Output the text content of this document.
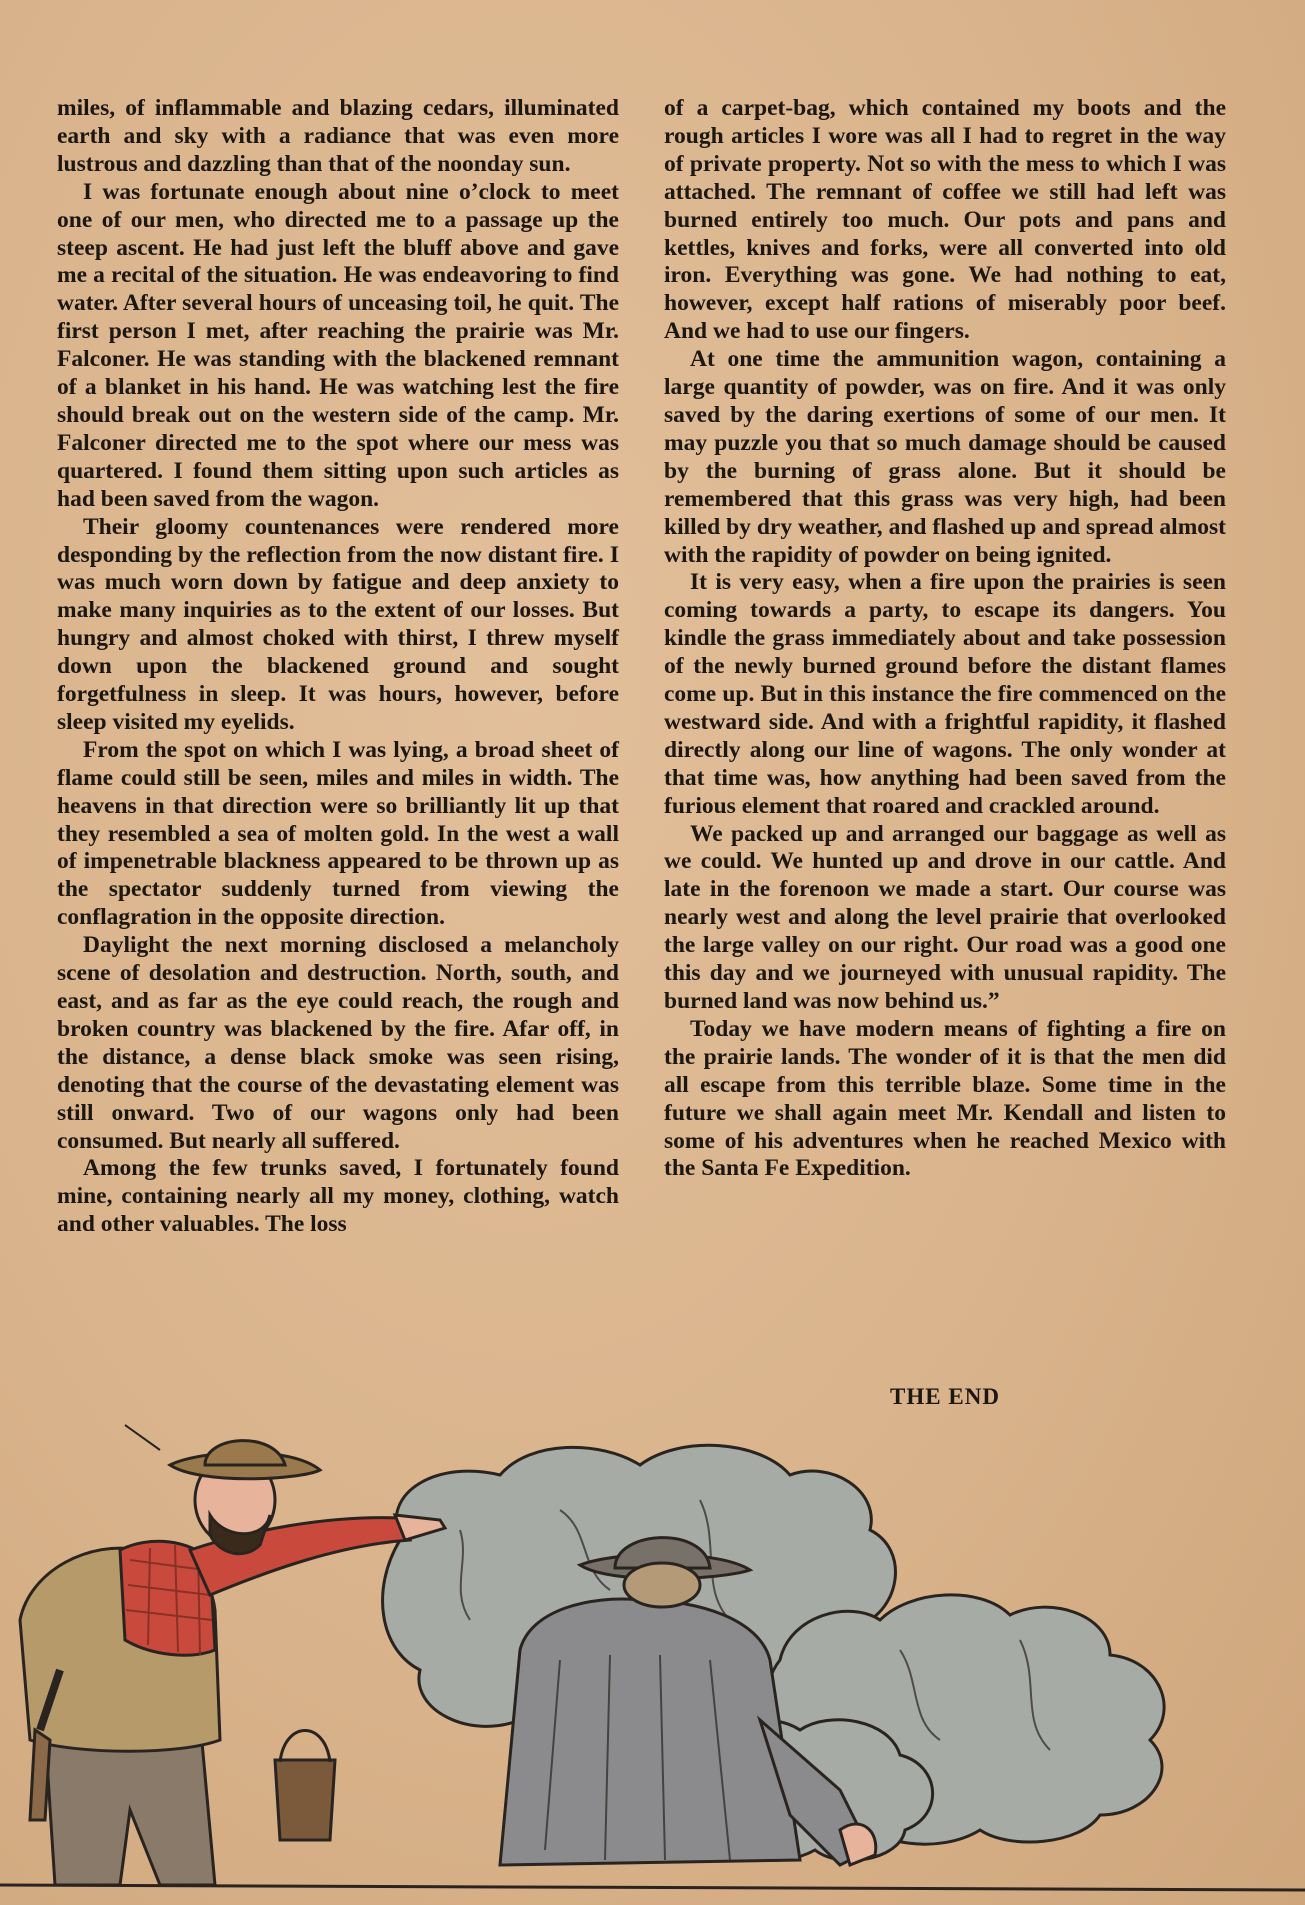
miles, of inflammable and blazing cedars, illuminated earth and sky with a radiance that was even more lustrous and dazzling than that of the noonday sun.

I was fortunate enough about nine o’clock to meet one of our men, who directed me to a passage up the steep ascent. He had just left the bluff above and gave me a recital of the situation. He was endeavoring to find water. After several hours of unceasing toil, he quit. The first person I met, after reaching the prairie was Mr. Falconer. He was standing with the blackened remnant of a blanket in his hand. He was watching lest the fire should break out on the western side of the camp. Mr. Falconer directed me to the spot where our mess was quartered. I found them sitting upon such articles as had been saved from the wagon.

Their gloomy countenances were rendered more desponding by the reflection from the now distant fire. I was much worn down by fatigue and deep anxiety to make many inquiries as to the extent of our losses. But hungry and almost choked with thirst, I threw myself down upon the blackened ground and sought forgetfulness in sleep. It was hours, however, before sleep visited my eyelids.

From the spot on which I was lying, a broad sheet of flame could still be seen, miles and miles in width. The heavens in that direction were so brilliantly lit up that they resembled a sea of molten gold. In the west a wall of impenetrable blackness appeared to be thrown up as the spectator suddenly turned from viewing the conflagration in the opposite direction.

Daylight the next morning disclosed a melancholy scene of desolation and destruction. North, south, and east, and as far as the eye could reach, the rough and broken country was blackened by the fire. Afar off, in the distance, a dense black smoke was seen rising, denoting that the course of the devastating element was still onward. Two of our wagons only had been consumed. But nearly all suffered.

Among the few trunks saved, I fortunately found mine, containing nearly all my money, clothing, watch and other valuables. The loss

of a carpet-bag, which contained my boots and the rough articles I wore was all I had to regret in the way of private property. Not so with the mess to which I was attached. The remnant of coffee we still had left was burned entirely too much. Our pots and pans and kettles, knives and forks, were all converted into old iron. Everything was gone. We had nothing to eat, however, except half rations of miserably poor beef. And we had to use our fingers.

At one time the ammunition wagon, containing a large quantity of powder, was on fire. And it was only saved by the daring exertions of some of our men. It may puzzle you that so much damage should be caused by the burning of grass alone. But it should be remembered that this grass was very high, had been killed by dry weather, and flashed up and spread almost with the rapidity of powder on being ignited.

It is very easy, when a fire upon the prairies is seen coming towards a party, to escape its dangers. You kindle the grass immediately about and take possession of the newly burned ground before the distant flames come up. But in this instance the fire commenced on the westward side. And with a frightful rapidity, it flashed directly along our line of wagons. The only wonder at that time was, how anything had been saved from the furious element that roared and crackled around.

We packed up and arranged our baggage as well as we could. We hunted up and drove in our cattle. And late in the forenoon we made a start. Our course was nearly west and along the level prairie that overlooked the large valley on our right. Our road was a good one this day and we journeyed with unusual rapidity. The burned land was now behind us.”

Today we have modern means of fighting a fire on the prairie lands. The wonder of it is that the men did all escape from this terrible blaze. Some time in the future we shall again meet Mr. Kendall and listen to some of his adventures when he reached Mexico with the Santa Fe Expedition.

THE END
